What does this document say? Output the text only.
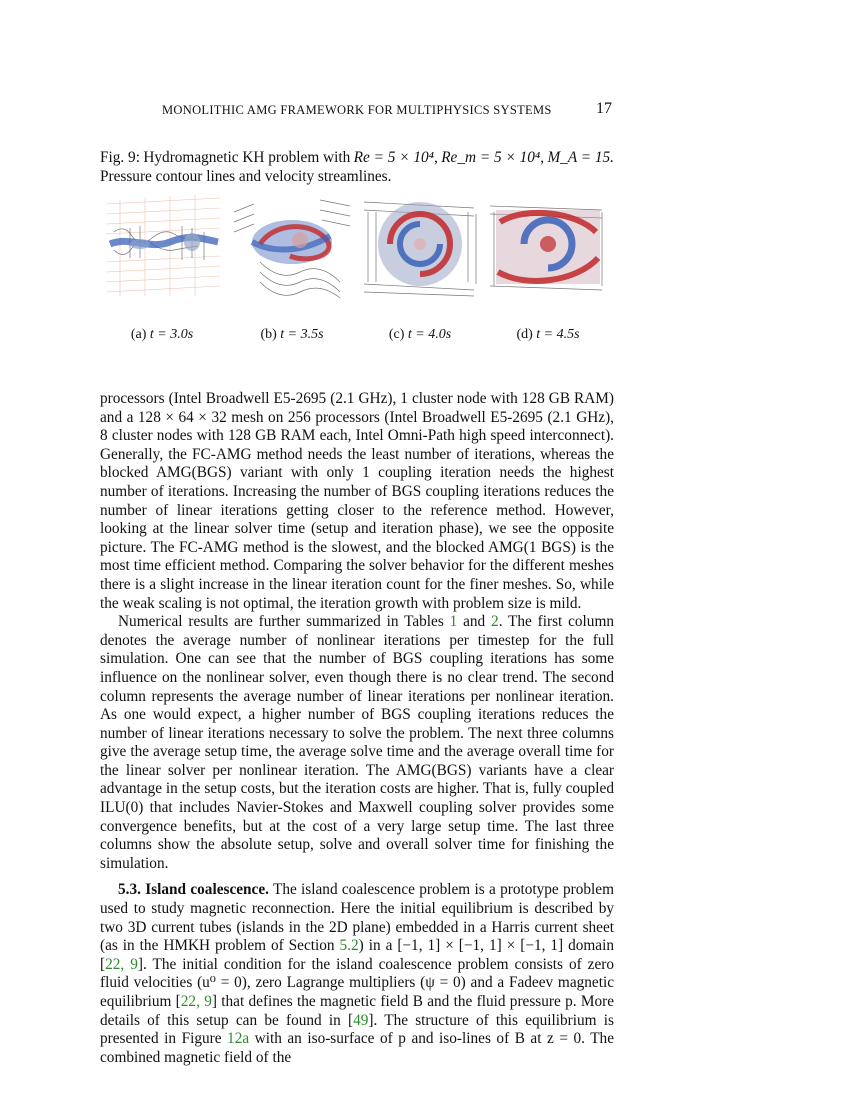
MONOLITHIC AMG FRAMEWORK FOR MULTIPHYSICS SYSTEMS	17
Fig. 9: Hydromagnetic KH problem with Re = 5 × 10⁴, Re_m = 5 × 10⁴, M_A = 15.
Pressure contour lines and velocity streamlines.
(a) t = 3.0s	(b) t = 3.5s	(c) t = 4.0s	(d) t = 4.5s

processors (Intel Broadwell E5-2695 (2.1 GHz), 1 cluster node with 128 GB RAM) and a 128 × 64 × 32 mesh on 256 processors (Intel Broadwell E5-2695 (2.1 GHz), 8 cluster nodes with 128 GB RAM each, Intel Omni-Path high speed interconnect). Generally, the FC-AMG method needs the least number of iterations, whereas the blocked AMG(BGS) variant with only 1 coupling iteration needs the highest number of iterations. Increasing the number of BGS coupling iterations reduces the number of linear iterations getting closer to the reference method. However, looking at the linear solver time (setup and iteration phase), we see the opposite picture. The FC-AMG method is the slowest, and the blocked AMG(1 BGS) is the most time efficient method. Comparing the solver behavior for the different meshes there is a slight increase in the linear iteration count for the finer meshes. So, while the weak scaling is not optimal, the iteration growth with problem size is mild.

Numerical results are further summarized in Tables 1 and 2. The first column denotes the average number of nonlinear iterations per timestep for the full simulation. One can see that the number of BGS coupling iterations has some influence on the nonlinear solver, even though there is no clear trend. The second column represents the average number of linear iterations per nonlinear iteration. As one would expect, a higher number of BGS coupling iterations reduces the number of linear iterations necessary to solve the problem. The next three columns give the average setup time, the average solve time and the average overall time for the linear solver per nonlinear iteration. The AMG(BGS) variants have a clear advantage in the setup costs, but the iteration costs are higher. That is, fully coupled ILU(0) that includes Navier-Stokes and Maxwell coupling solver provides some convergence benefits, but at the cost of a very large setup time. The last three columns show the absolute setup, solve and overall solver time for finishing the simulation.

5.3. Island coalescence. The island coalescence problem is a prototype problem used to study magnetic reconnection. Here the initial equilibrium is described by two 3D current tubes (islands in the 2D plane) embedded in a Harris current sheet (as in the HMKH problem of Section 5.2) in a [−1, 1] × [−1, 1] × [−1, 1] domain [22, 9]. The initial condition for the island coalescence problem consists of zero fluid velocities (u⁰ = 0), zero Lagrange multipliers (ψ = 0) and a Fadeev magnetic equilibrium [22, 9] that defines the magnetic field B and the fluid pressure p. More details of this setup can be found in [49]. The structure of this equilibrium is presented in Figure 12a with an iso-surface of p and iso-lines of B at z = 0. The combined magnetic field of the
